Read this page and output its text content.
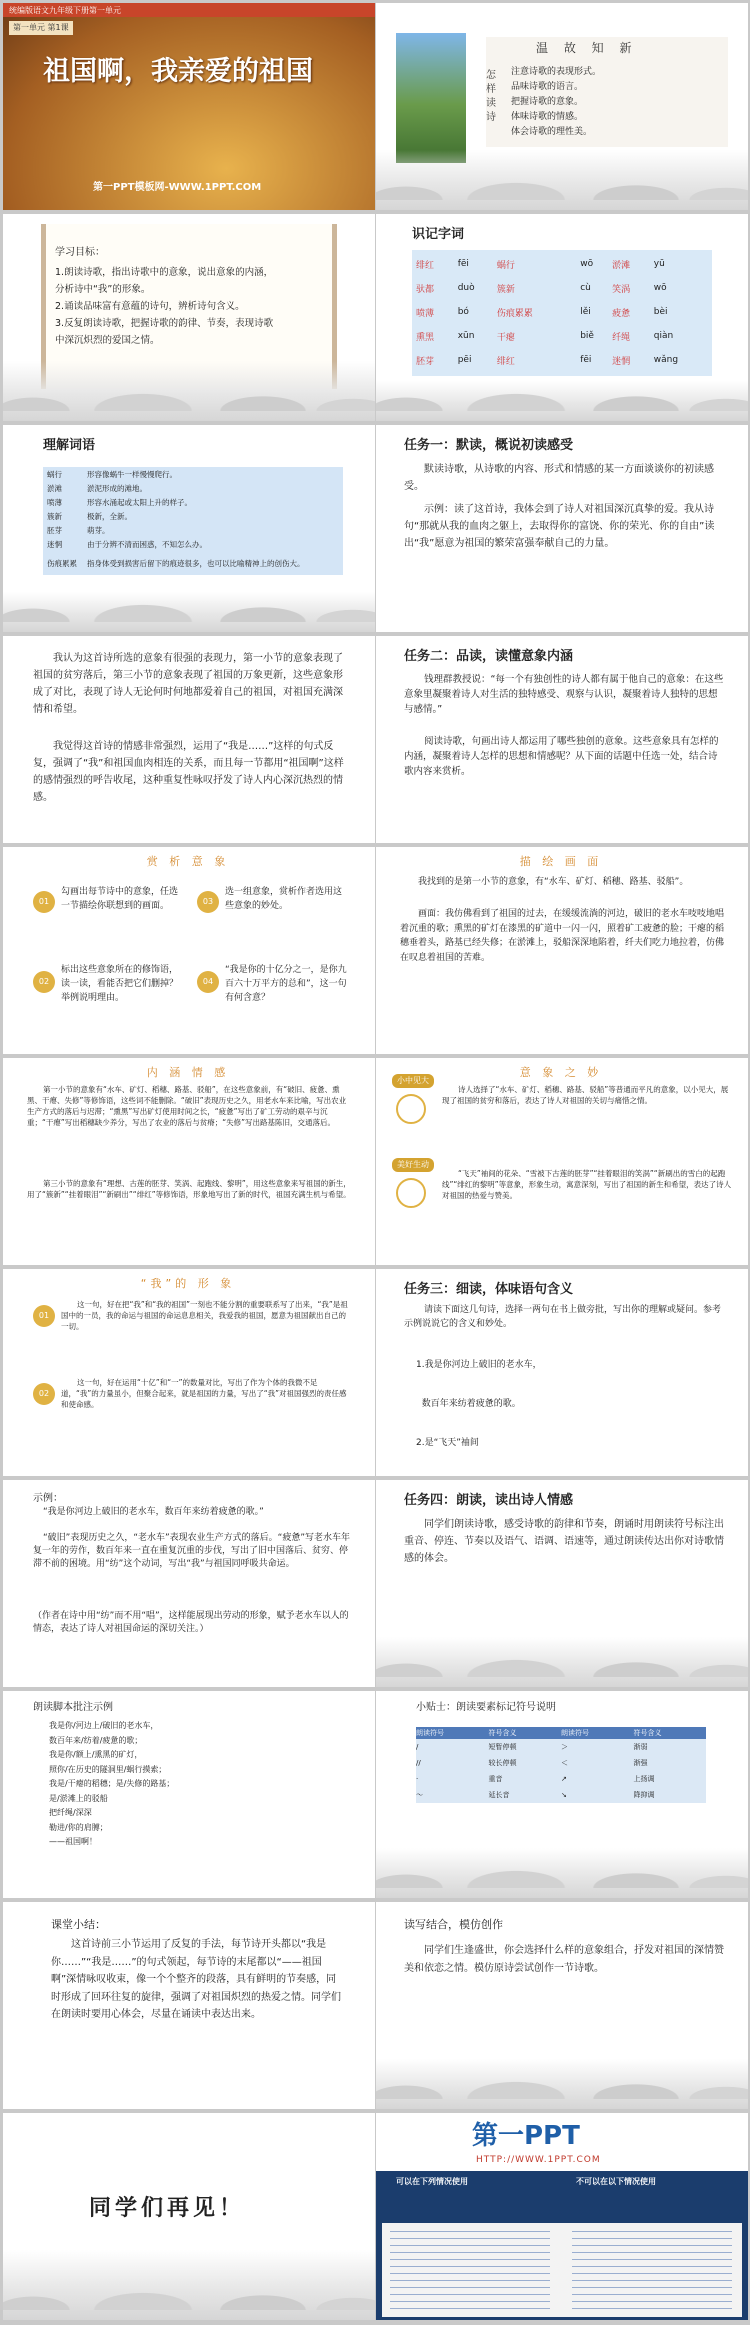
统编版语文九年级下册第一单元
第一单元 第1课
祖国啊，我亲爱的祖国
第一PPT模板网-WWW.1PPT.COM
温 故 知 新
怎样读诗
注意诗歌的表现形式。
品味诗歌的语言。
把握诗歌的意象。
体味诗歌的情感。
体会诗歌的理性美。
学习目标：
1.朗读诗歌，指出诗歌中的意象，说出意象的内涵，
分析诗中“我”的形象。
2.诵读品味富有意蕴的诗句，辨析诗句含义。
3.反复朗读诗歌，把握诗歌的韵律、节奏，表现诗歌
中深沉炽烈的爱国之情。
识记字词
绯红	fēi	蜗行	wō	淤滩	yū
驮都	duò	簇新	cù	笑涡	wō
喷薄	bó	伤痕累累	lěi	疲惫	bèi
熏黑	xūn	干瘪	biě	纤绳	qiàn
胚芽	pēi	绯红	fēi	迷惘	wǎng
理解词语
蜗行	形容像蜗牛一样慢慢爬行。
淤滩	淤泥形成的滩地。
喷薄	形容水涌起或太阳上升的样子。
簇新	极新，全新。
胚芽	萌芽。
迷惘	由于分辨不清而困惑，不知怎么办。
伤痕累累	指身体受到损害后留下的痕迹很多，也可以比喻精神上的创伤大。
任务一：默读，概说初读感受
默读诗歌，从诗歌的内容、形式和情感的某一方面谈谈你的初读感受。
示例：读了这首诗，我体会到了诗人对祖国深沉真挚的爱。我从诗句“那就从我的血肉之躯上，去取得你的富饶、你的荣光、你的自由”读出“我”愿意为祖国的繁荣富强奉献自己的力量。
我认为这首诗所选的意象有很强的表现力，第一小节的意象表现了祖国的贫穷落后，第三小节的意象表现了祖国的万象更新，这些意象形成了对比，表现了诗人无论何时何地都爱着自己的祖国，对祖国充满深情和希望。
我觉得这首诗的情感非常强烈，运用了“我是……”这样的句式反复，强调了“我”和祖国血肉相连的关系，而且每一节都用“祖国啊”这样的感情强烈的呼告收尾，这种重复性咏叹抒发了诗人内心深沉热烈的情感。
任务二：品读，读懂意象内涵
钱理群教授说：“每一个有独创性的诗人都有属于他自己的意象：在这些意象里凝聚着诗人对生活的独特感受、观察与认识，凝聚着诗人独特的思想与感情。”
阅读诗歌，句画出诗人都运用了哪些独创的意象。这些意象具有怎样的内涵，凝聚着诗人怎样的思想和情感呢？从下面的话题中任选一处，结合诗歌内容来赏析。
赏 析 意 象
01
勾画出每节诗中的意象，任选一节描绘你联想到的画面。	03
选一组意象，赏析作者选用这些意象的妙处。
02
标出这些意象所在的修饰语，读一读，看能否把它们删掉？举例说明理由。
04
“我是你的十亿分之一，是你九百六十万平方的总和”，这一句有何含意？
描 绘 画 面
我找到的是第一小节的意象，有“水车、矿灯、稻穗、路基、驳船”。
画面：我仿佛看到了祖国的过去，在缓缓流淌的河边，破旧的老水车吱吱地唱着沉重的歌；熏黑的矿灯在漆黑的矿道中一闪一闪，照着矿工疲惫的脸；干瘪的稻穗垂着头，路基已经失修；在淤滩上，驳船深深地陷着，纤夫们吃力地拉着，仿佛在叹息着祖国的苦难。
内 涵 情 感
第一小节的意象有“水车、矿灯、稻穗、路基、驳船”，在这些意象前，有“破旧、疲惫、熏黑、干瘪、失修”等修饰语，这些词不能删除。“破旧”表现历史之久，用老水车来比喻，写出农业生产方式的落后与迟滞；“熏黑”写出矿灯使用时间之长，“疲惫”写出了矿工劳动的艰辛与沉重；“干瘪”写出稻穗缺少养分，写出了农业的落后与贫瘠；“失修”写出路基陈旧，交通落后。
第三小节的意象有“理想、古莲的胚芽、笑涡、起跑线、黎明”，用这些意象来写祖国的新生，用了“簇新”“挂着眼泪”“新刷出”“绯红”等修饰语，形象地写出了新的时代，祖国充满生机与希望。
意 象 之 妙
小中见大
诗人选择了“水车、矿灯、稻穗、路基、驳船”等普通而平凡的意象，以小见大，展现了祖国的贫穷和落后，表达了诗人对祖国的关切与痛惜之情。
美好生动
“飞天”袖间的花朵、“雪被下古莲的胚芽”“挂着眼泪的笑涡”“新刷出的雪白的起跑线”“绯红的黎明”等意象，形象生动，寓意深刻，写出了祖国的新生和希望，表达了诗人对祖国的热爱与赞美。
“我”的 形 象
01
这一句，好在把“我”和“我的祖国”一刻也不能分割的重要联系写了出来，“我”是祖国中的一员，我的命运与祖国的命运息息相关，我爱我的祖国，愿意为祖国献出自己的一切。
02
这一句，好在运用“十亿”和“一”的数量对比，写出了作为个体的我微不足道，“我”的力量虽小，但聚合起来，就是祖国的力量，写出了“我”对祖国强烈的责任感和使命感。
任务三：细读，体味语句含义
请读下面这几句诗，选择一两句在书上做旁批，写出你的理解或疑问。参考示例说说它的含义和妙处。

1.我是你河边上破旧的老水车，

数百年来纺着疲惫的歌。

2.是“飞天”袖间

示例：
“我是你河边上破旧的老水车，数百年来纺着疲惫的歌。”
“破旧”表现历史之久，“老水车”表现农业生产方式的落后。“疲惫”写老水车年复一年的劳作，数百年来一直在重复沉重的步伐，写出了旧中国落后、贫穷、停滞不前的困境。用“纺”这个动词，写出“我”与祖国同呼吸共命运。
（作者在诗中用“纺”而不用“唱”，这样能展现出劳动的形象，赋予老水车以人的情态，表达了诗人对祖国命运的深切关注。）
任务四：朗读，读出诗人情感
同学们朗读诗歌，感受诗歌的韵律和节奏，朗诵时用朗读符号标注出重音、停连、节奏以及语气、语调、语速等，通过朗读传达出你对诗歌情感的体会。
朗读脚本批注示例
我是你/河边上/破旧的老水车，
数百年来/纺着/疲惫的歌；
我是你/额上/熏黑的矿灯，
照你/在历史的隧洞里/蜗行摸索；
我是/干瘪的稻穗；是/失修的路基；
是/淤滩上的驳船
把纤绳/深深
勒进/你的肩膊；
——祖国啊！
小贴士：朗读要素标记符号说明
朗读符号	符号含义	朗读符号	符号含义
/	短暂停顿	＞	渐弱
//	较长停顿	＜	渐强
·	重音	↗	上扬调
～	延长音	↘	降抑调
课堂小结：
这首诗前三小节运用了反复的手法，每节诗开头都以“我是你……”“我是……”的句式领起，每节诗的末尾都以“——祖国啊”深情咏叹收束，像一个个整齐的段落，具有鲜明的节奏感，同时形成了回环往复的旋律，强调了对祖国炽烈的热爱之情。同学们在朗读时要用心体会，尽量在诵读中表达出来。
读写结合，模仿创作
同学们生逢盛世，你会选择什么样的意象组合，抒发对祖国的深情赞美和依恋之情。模仿原诗尝试创作一节诗歌。
同学们再见！
第一PPT
HTTP://WWW.1PPT.COM
可以在下列情况使用	不可以在以下情况使用
